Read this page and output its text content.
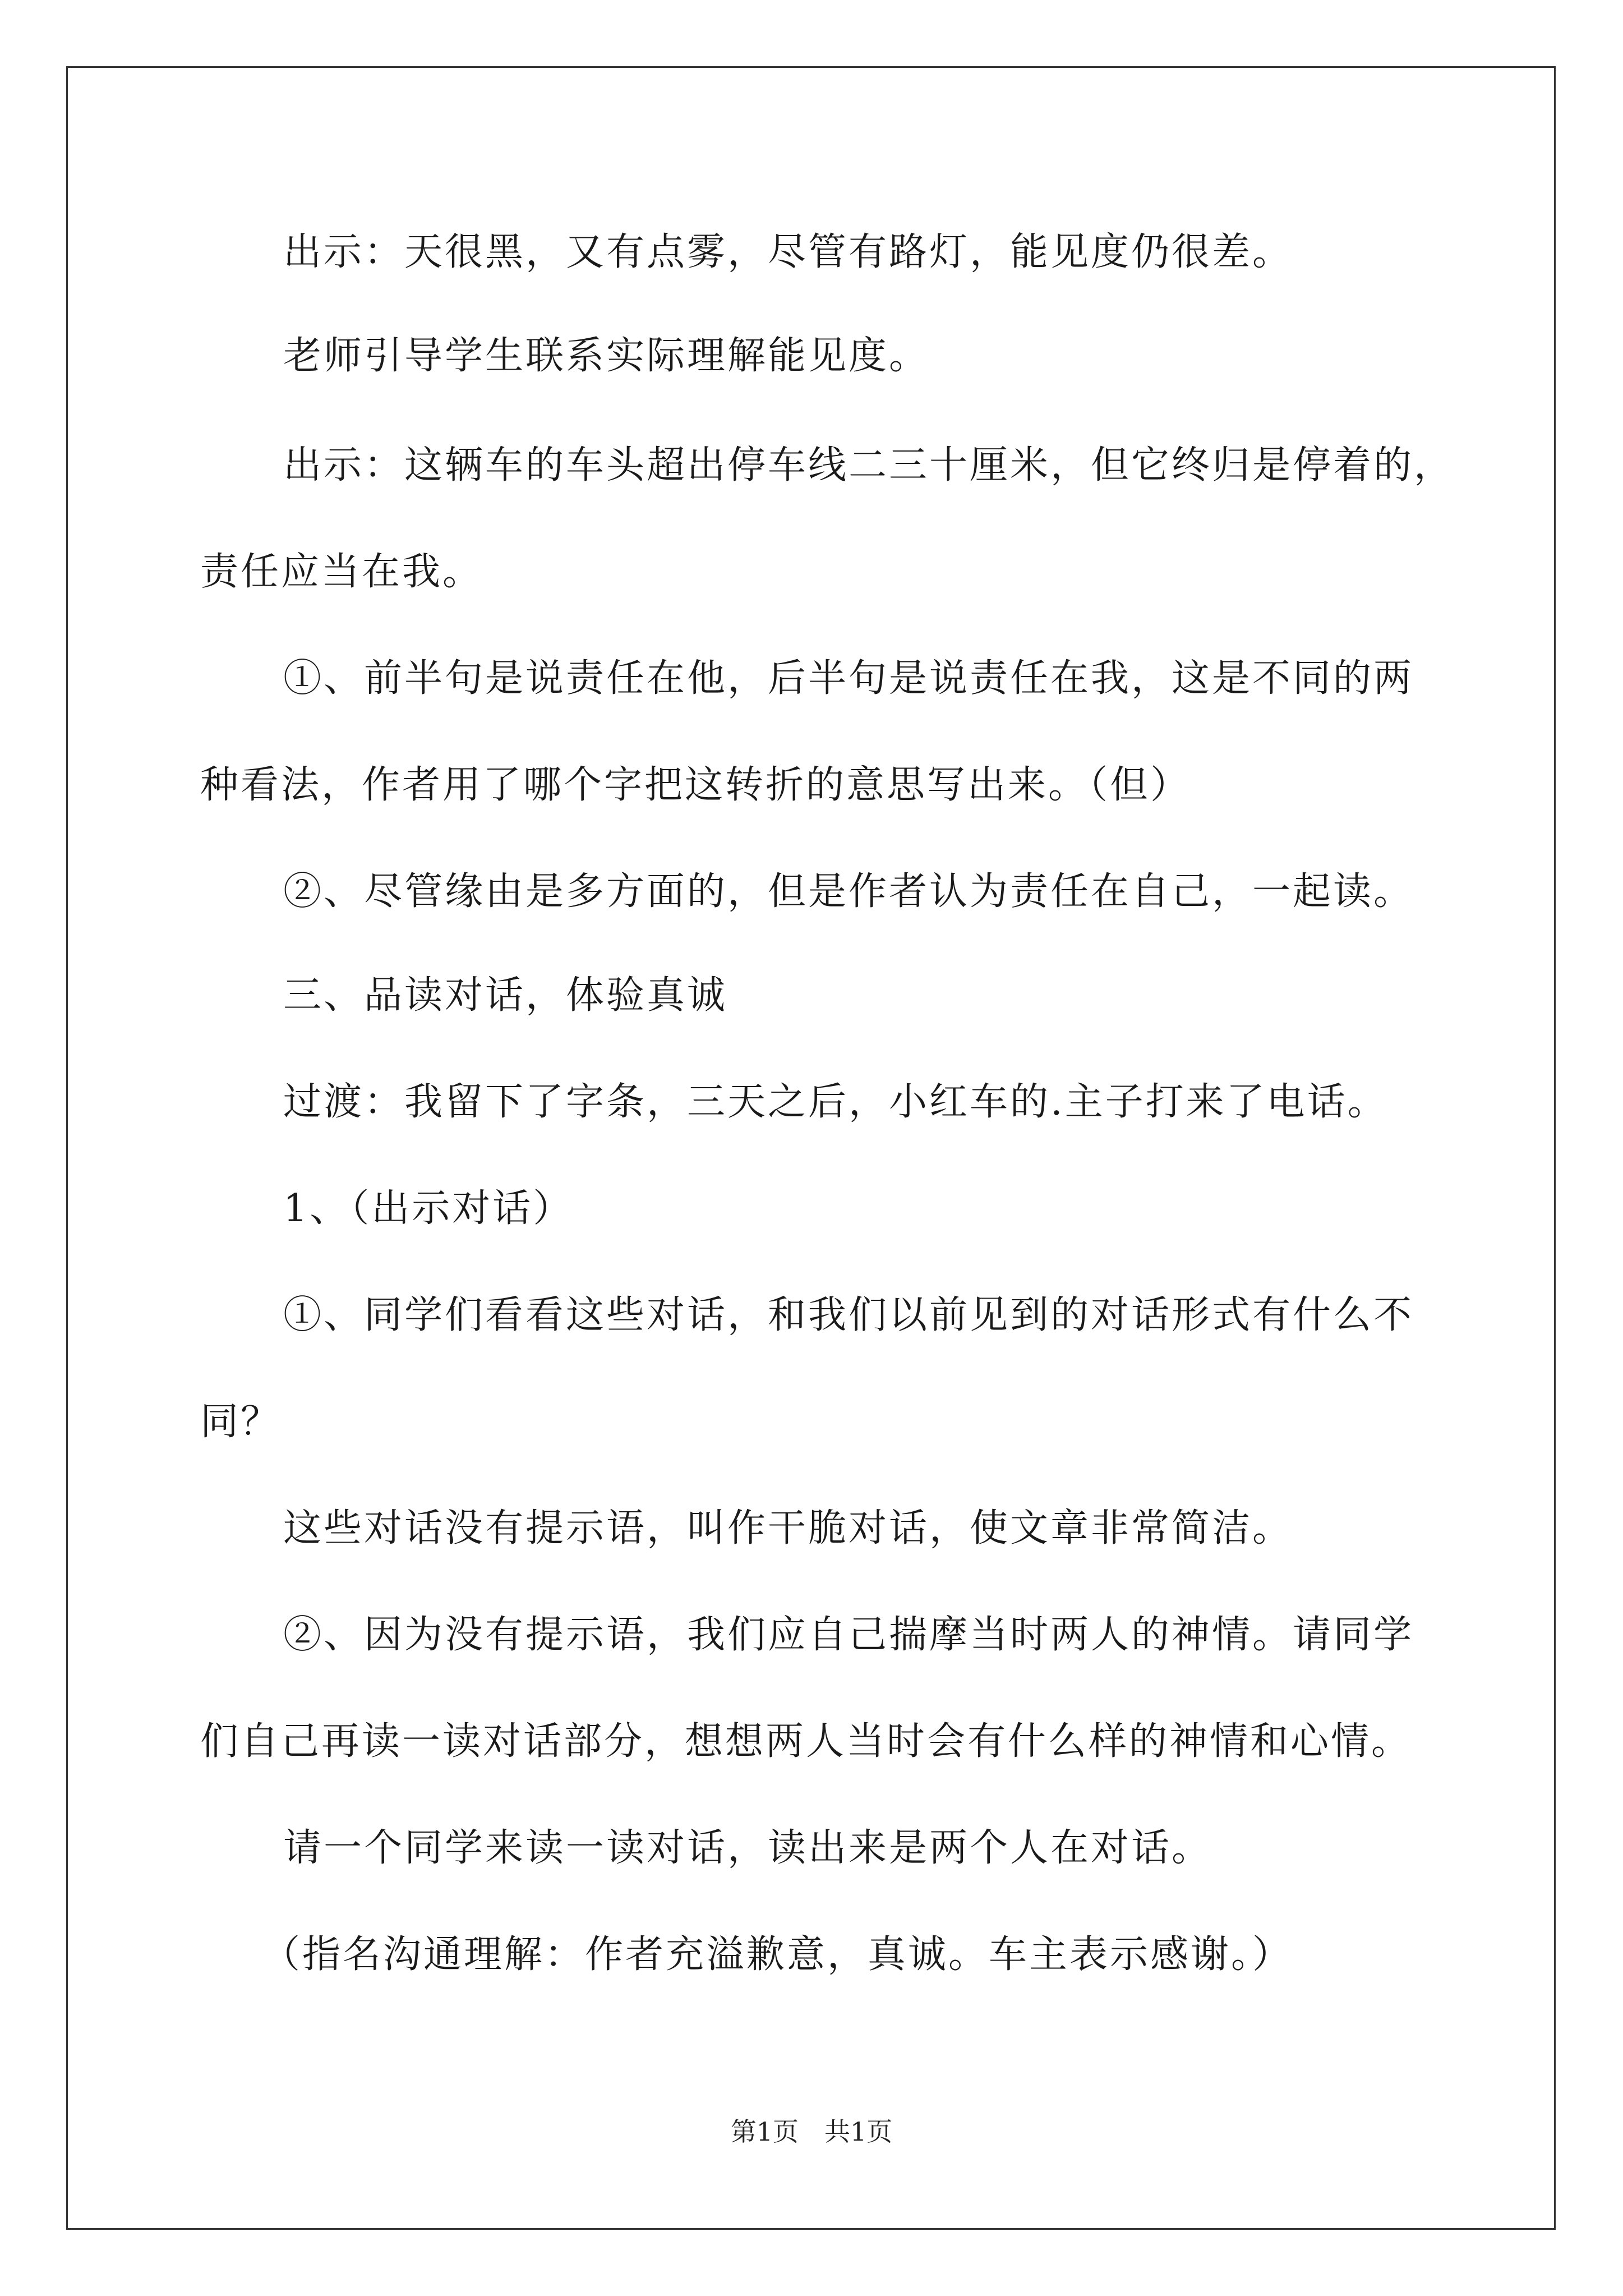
出示：天很黑，又有点雾，尽管有路灯，能见度仍很差。
老师引导学生联系实际理解能见度。
出示：这辆车的车头超出停车线二三十厘米，但它终归是停着的，
责任应当在我。
①、前半句是说责任在他，后半句是说责任在我，这是不同的两
种看法，作者用了哪个字把这转折的意思写出来。（但）
②、尽管缘由是多方面的，但是作者认为责任在自己，一起读。
三、品读对话，体验真诚
过渡：我留下了字条，三天之后，小红车的.主子打来了电话。
1、（出示对话）
①、同学们看看这些对话，和我们以前见到的对话形式有什么不
同？
这些对话没有提示语，叫作干脆对话，使文章非常简洁。
②、因为没有提示语，我们应自己揣摩当时两人的神情。请同学
们自己再读一读对话部分，想想两人当时会有什么样的神情和心情。
请一个同学来读一读对话，读出来是两个人在对话。
（指名沟通理解：作者充溢歉意，真诚。车主表示感谢。）
第1页　共1页
